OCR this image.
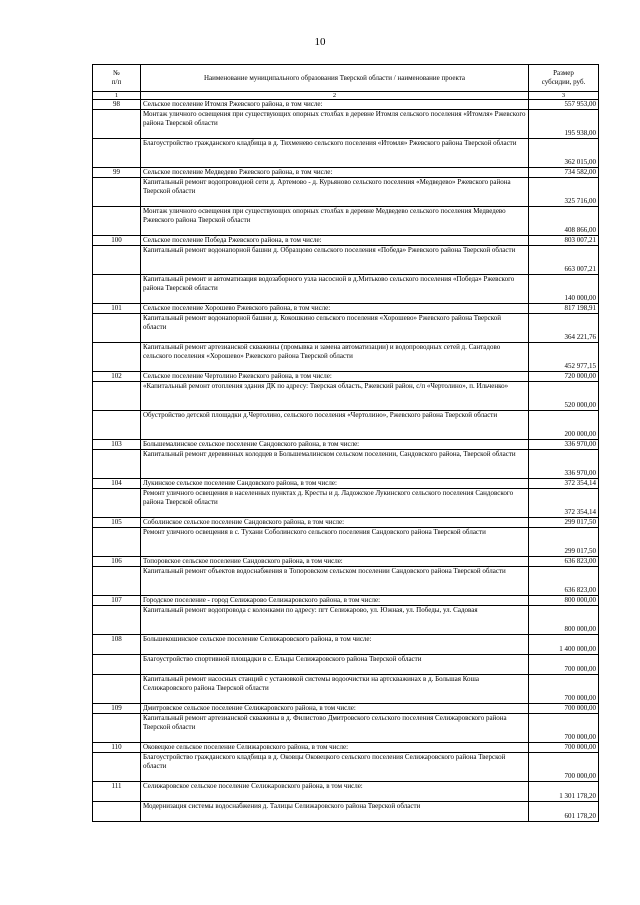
10
№
п/п	Наименование муниципального образования Тверской области / наименование проекта	Размер
субсидии, руб.
1	2	3
98	Сельское поселение Итомля Ржевского района, в том числе:	557 953,00
	Монтаж уличного освещения при существующих опорных столбах в деревне Итомля сельского поселения «Итомля» Ржевского района Тверской области	195 938,00
	Благоустройство гражданского кладбища в д. Тихменево сельского поселения «Итомля» Ржевского района Тверской области	362 015,00
99	Сельское поселение Медведево Ржевского района, в том числе:	734 582,00
	Капитальный ремонт водопроводной сети д. Артемово - д. Курьяново сельского поселения «Медведево» Ржевского района Тверской области	325 716,00
	Монтаж уличного освещения при существующих опорных столбах в деревне Медведево сельского поселения Медведево Ржевского района Тверской области	408 866,00
100	Сельское поселение Победа Ржевского района, в том числе:	803 007,21
	Капитальный ремонт водонапорной башни д. Образцово сельского поселения «Победа» Ржевского района Тверской области	663 007,21
	Капитальный ремонт и автоматизация водозаборного узла насосной в д.Митьково сельского поселения «Победа» Ржевского района Тверской области	140 000,00
101	Сельское поселение Хорошево Ржевского района, в том числе:	817 198,91
	Капитальный ремонт водонапорной башни д. Кокошкино сельского поселения «Хорошево» Ржевского района Тверской области	364 221,76
	Капитальный ремонт артезианской скважины (промывка и замена автоматизации) и водопроводных сетей д. Сантадово сельского поселения «Хорошево» Ржевского района Тверской области	452 977,15
102	Сельское поселение Чертолино Ржевского района, в том числе:	720 000,00
	«Капитальный ремонт отопления здания ДК по адресу: Тверская область, Ржевский район, с/п «Чертолино», п. Ильченко»	520 000,00
	Обустройство детской площадки д.Чертолино, сельского поселения «Чертолино», Ржевского района Тверской области	200 000,00
103	Большемалинское сельское поселение Сандовского района, в том числе:	336 970,00
	Капитальный ремонт деревянных колодцев в Большемалинском сельском поселении, Сандовского района, Тверской области	336 970,00
104	Лукинское сельское поселение Сандовского района, в том числе:	372 354,14
	Ремонт уличного освещения в населенных пунктах д. Кресты и д. Ладожское Лукинского сельского поселения Сандовского района Тверской области	372 354,14
105	Соболинское сельское поселение Сандовского района, в том числе:	299 017,50
	Ремонт уличного освещения в с. Тухани Соболинского сельского поселения Сандовского района Тверской области	299 017,50
106	Топоровское сельское поселение Сандовского района, в том числе:	636 823,00
	Капитальный ремонт объектов водоснабжения в Топоровском сельском поселении Сандовского района Тверской области	636 823,00
107	Городское поселение - город Селижарово Селижаровского района, в том числе:	800 000,00
	Капитальный ремонт водопровода с колонками по адресу: пгт Селижарово, ул. Южная, ул. Победы, ул. Садовая	800 000,00
108	Большекошинское сельское поселение Селижаровского района, в том числе:	1 400 000,00
	Благоустройство спортивной площадки в с. Ельцы Селижаровского района Тверской области	700 000,00
	Капитальный ремонт насосных станций с установкой системы водоочистки на артскважинах в д. Большая Коша Селижаровского района Тверской области	700 000,00
109	Дмитровское сельское поселение Селижаровского района, в том числе:	700 000,00
	Капитальный ремонт артезианской скважины в д. Филистово Дмитровского сельского поселения Селижаровского района Тверской области	700 000,00
110	Оковецкое сельское поселение Селижаровского района, в том числе:	700 000,00
	Благоустройство гражданского кладбища в д. Оковцы Оковецкого сельского поселения Селижаровского района Тверской области	700 000,00
111	Селижаровское сельское поселение Селижаровского района, в том числе:	1 301 178,20
	Модернизация системы водоснабжения д. Талицы Селижаровского района Тверской области	601 178,20
